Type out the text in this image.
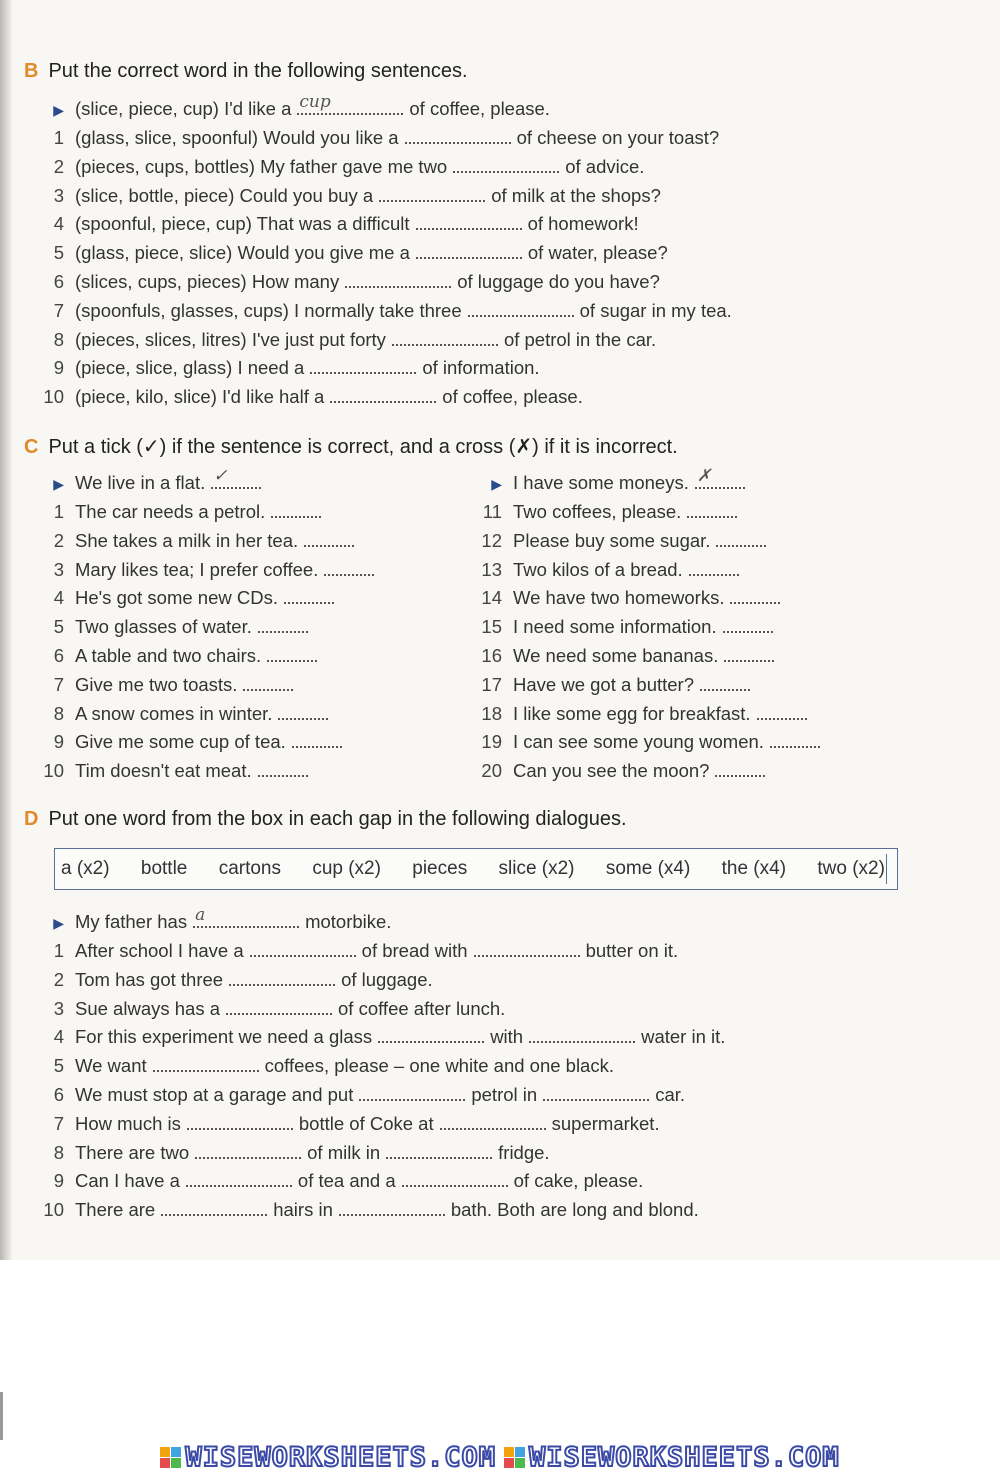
B Put the correct word in the following sentences.
▶ (slice, piece, cup) I'd like a cup	of coffee, please.
1 (glass, slice, spoonful) Would you like a	of cheese on your toast?
2 (pieces, cups, bottles) My father gave me two	of advice.
3 (slice, bottle, piece) Could you buy a	of milk at the shops?
4 (spoonful, piece, cup) That was a difficult	of homework!
5 (glass, piece, slice) Would you give me a	of water, please?
6 (slices, cups, pieces) How many	of luggage do you have?
7 (spoonfuls, glasses, cups) I normally take three	of sugar in my tea.
8 (pieces, slices, litres) I've just put forty	of petrol in the car.
9 (piece, slice, glass) I need a	of information.
10 (piece, kilo, slice) I'd like half a	of coffee, please.
C Put a tick (✓) if the sentence is correct, and a cross (✗) if it is incorrect.
▶ We live in a flat. ✓	▶ I have some moneys. ✗
1 The car needs a petrol.
2 She takes a milk in her tea.
3 Mary likes tea; I prefer coffee.
4 He's got some new CDs.
5 Two glasses of water.
6 A table and two chairs.
7 Give me two toasts.
8 A snow comes in winter.
9 Give me some cup of tea.
10 Tim doesn't eat meat.
11 Two coffees, please.
12 Please buy some sugar.
13 Two kilos of a bread.
14 We have two homeworks.
15 I need some information.
16 We need some bananas.
17 Have we got a butter?
18 I like some egg for breakfast.
19 I can see some young women.
20 Can you see the moon?
D Put one word from the box in each gap in the following dialogues.
a (x2) bottle cartons cup (x2) pieces slice (x2) some (x4) the (x4) two (x2)
▶ My father has a	motorbike.
1 After school I have a	of bread with	butter on it.
2 Tom has got three	of luggage.
3 Sue always has a	of coffee after lunch.
4 For this experiment we need a glass	with	water in it.
5 We want	coffees, please – one white and one black.
6 We must stop at a garage and put	petrol in	car.
7 How much is	bottle of Coke at	supermarket.
8 There are two	of milk in	fridge.
9 Can I have a	of tea and a	of cake, please.
10 There are	hairs in	bath. Both are long and blond.
WISEWORKSHEETS.COM WISEWORKSHEETS.COM
